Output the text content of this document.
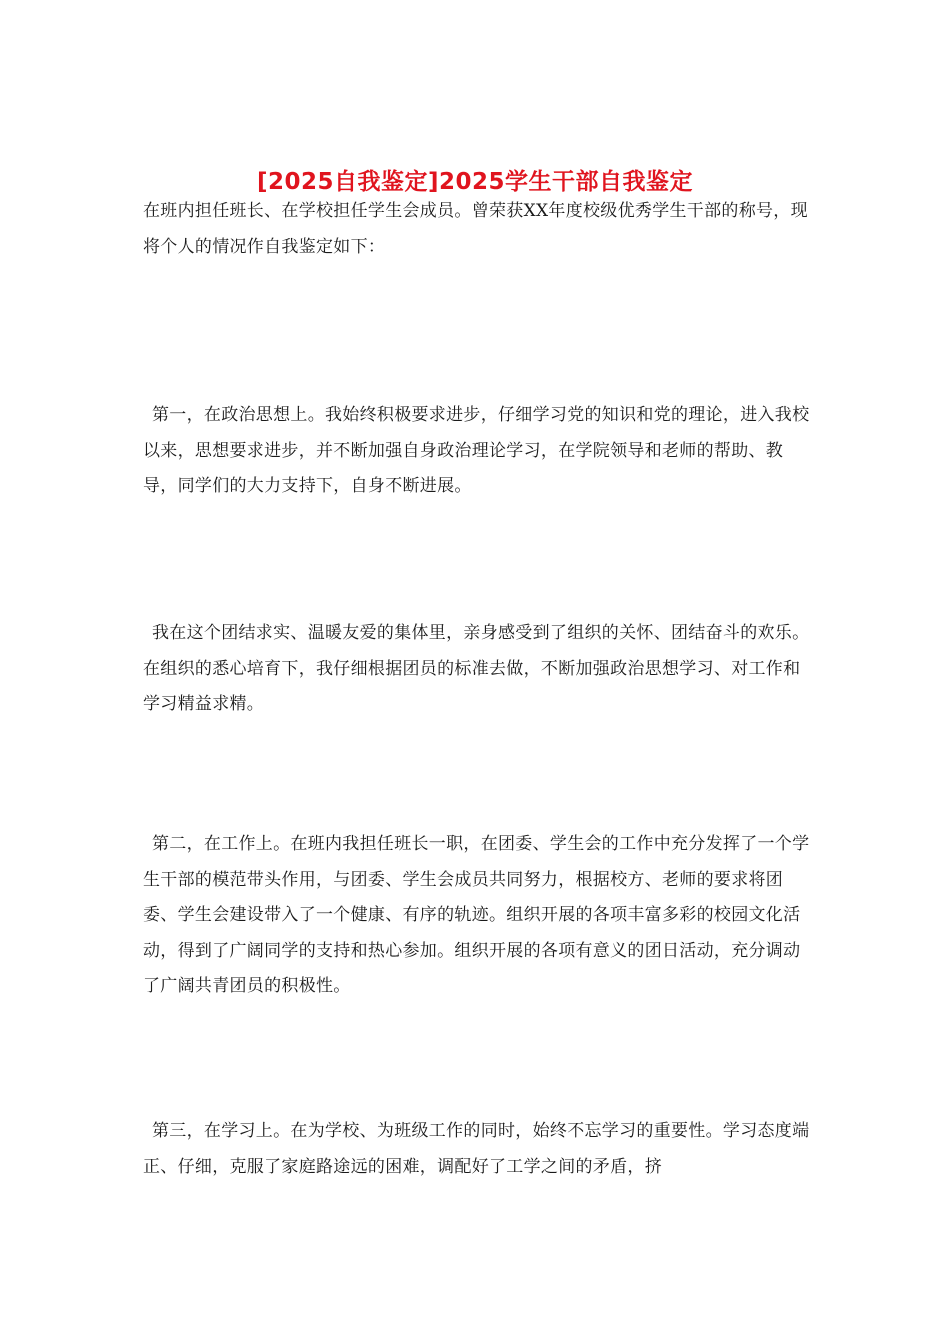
[2025自我鉴定]2025学生干部自我鉴定

在班内担任班长、在学校担任学生会成员。曾荣获XX年度校级优秀学生干部的称号，现将个人的情况作自我鉴定如下：

第一，在政治思想上。我始终积极要求进步，仔细学习党的知识和党的理论，进入我校以来，思想要求进步，并不断加强自身政治理论学习，在学院领导和老师的帮助、教导，同学们的大力支持下，自身不断进展。

我在这个团结求实、温暖友爱的集体里，亲身感受到了组织的关怀、团结奋斗的欢乐。在组织的悉心培育下，我仔细根据团员的标准去做，不断加强政治思想学习、对工作和学习精益求精。

第二，在工作上。在班内我担任班长一职，在团委、学生会的工作中充分发挥了一个学生干部的模范带头作用，与团委、学生会成员共同努力，根据校方、老师的要求将团委、学生会建设带入了一个健康、有序的轨迹。组织开展的各项丰富多彩的校园文化活动，得到了广阔同学的支持和热心参加。组织开展的各项有意义的团日活动，充分调动了广阔共青团员的积极性。

第三，在学习上。在为学校、为班级工作的同时，始终不忘学习的重要性。学习态度端正、仔细，克服了家庭路途远的困难，调配好了工学之间的矛盾，挤
